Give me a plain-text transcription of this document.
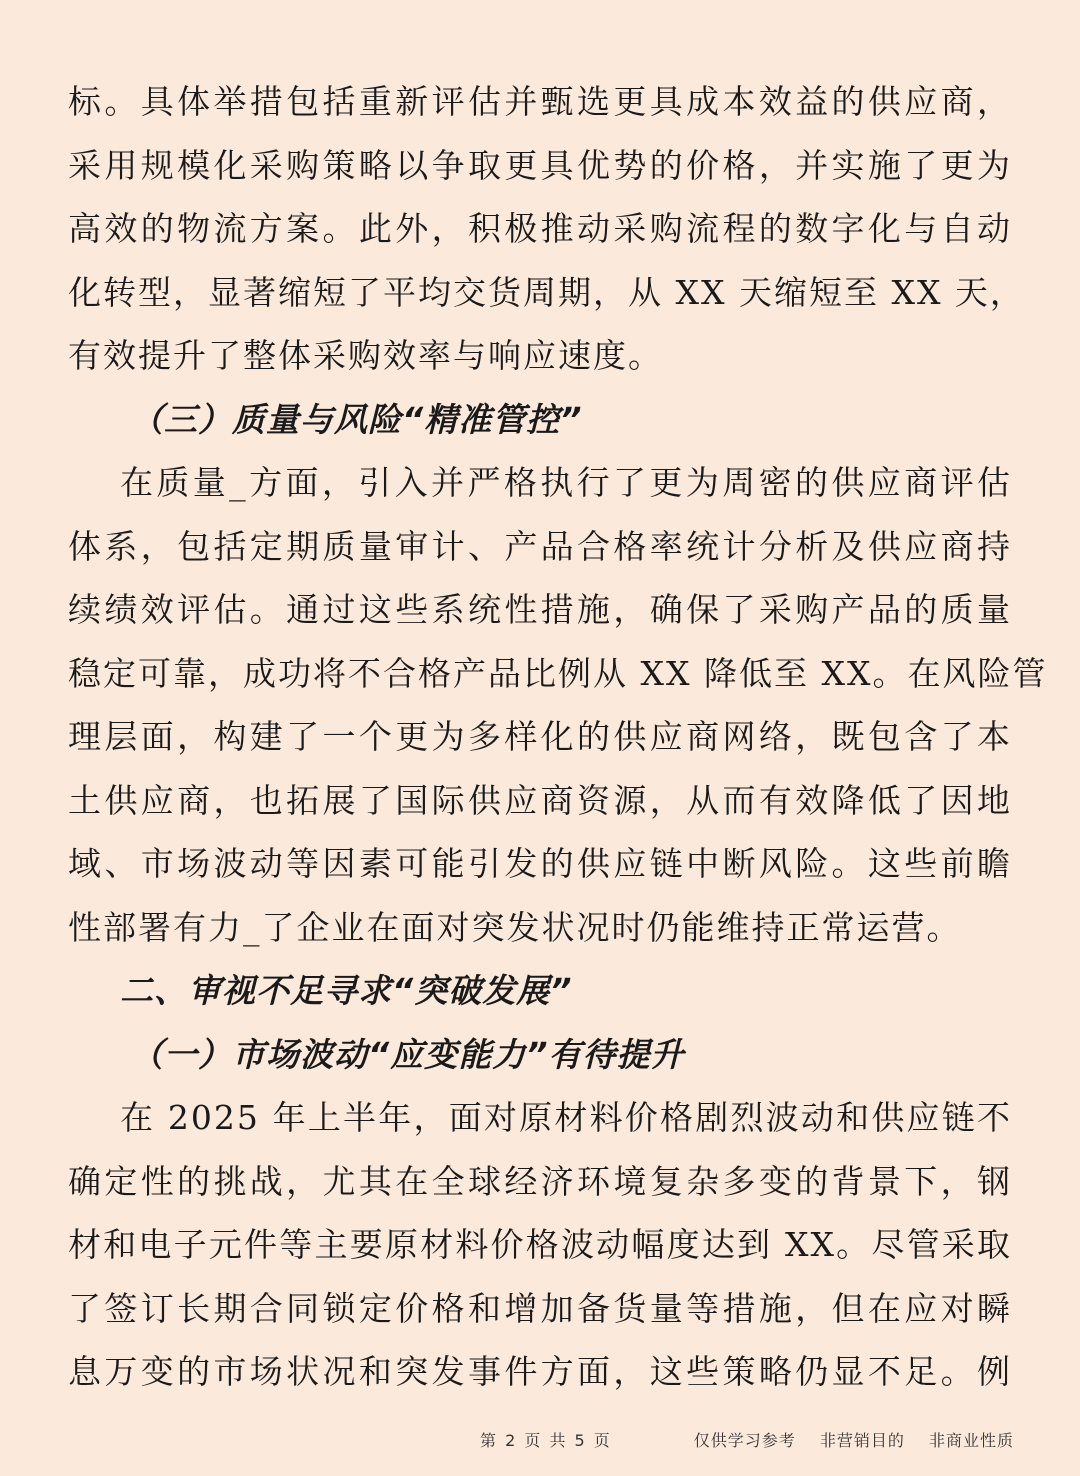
标。具体举措包括重新评估并甄选更具成本效益的供应商，
采用规模化采购策略以争取更具优势的价格，并实施了更为
高效的物流方案。此外，积极推动采购流程的数字化与自动
化转型，显著缩短了平均交货周期，从 XX 天缩短至 XX 天，
有效提升了整体采购效率与响应速度。
（三）质量与风险“精准管控”
在质量_方面，引入并严格执行了更为周密的供应商评估
体系，包括定期质量审计、产品合格率统计分析及供应商持
续绩效评估。通过这些系统性措施，确保了采购产品的质量
稳定可靠，成功将不合格产品比例从 XX 降低至 XX。在风险管
理层面，构建了一个更为多样化的供应商网络，既包含了本
土供应商，也拓展了国际供应商资源，从而有效降低了因地
域、市场波动等因素可能引发的供应链中断风险。这些前瞻
性部署有力_了企业在面对突发状况时仍能维持正常运营。
二、审视不足寻求“突破发展”
（一）市场波动“应变能力”有待提升
在 2025 年上半年，面对原材料价格剧烈波动和供应链不
确定性的挑战，尤其在全球经济环境复杂多变的背景下，钢
材和电子元件等主要原材料价格波动幅度达到 XX。尽管采取
了签订长期合同锁定价格和增加备货量等措施，但在应对瞬
息万变的市场状况和突发事件方面，这些策略仍显不足。例
第 2 页 共 5 页	仅供学习参考 非营销目的 非商业性质
